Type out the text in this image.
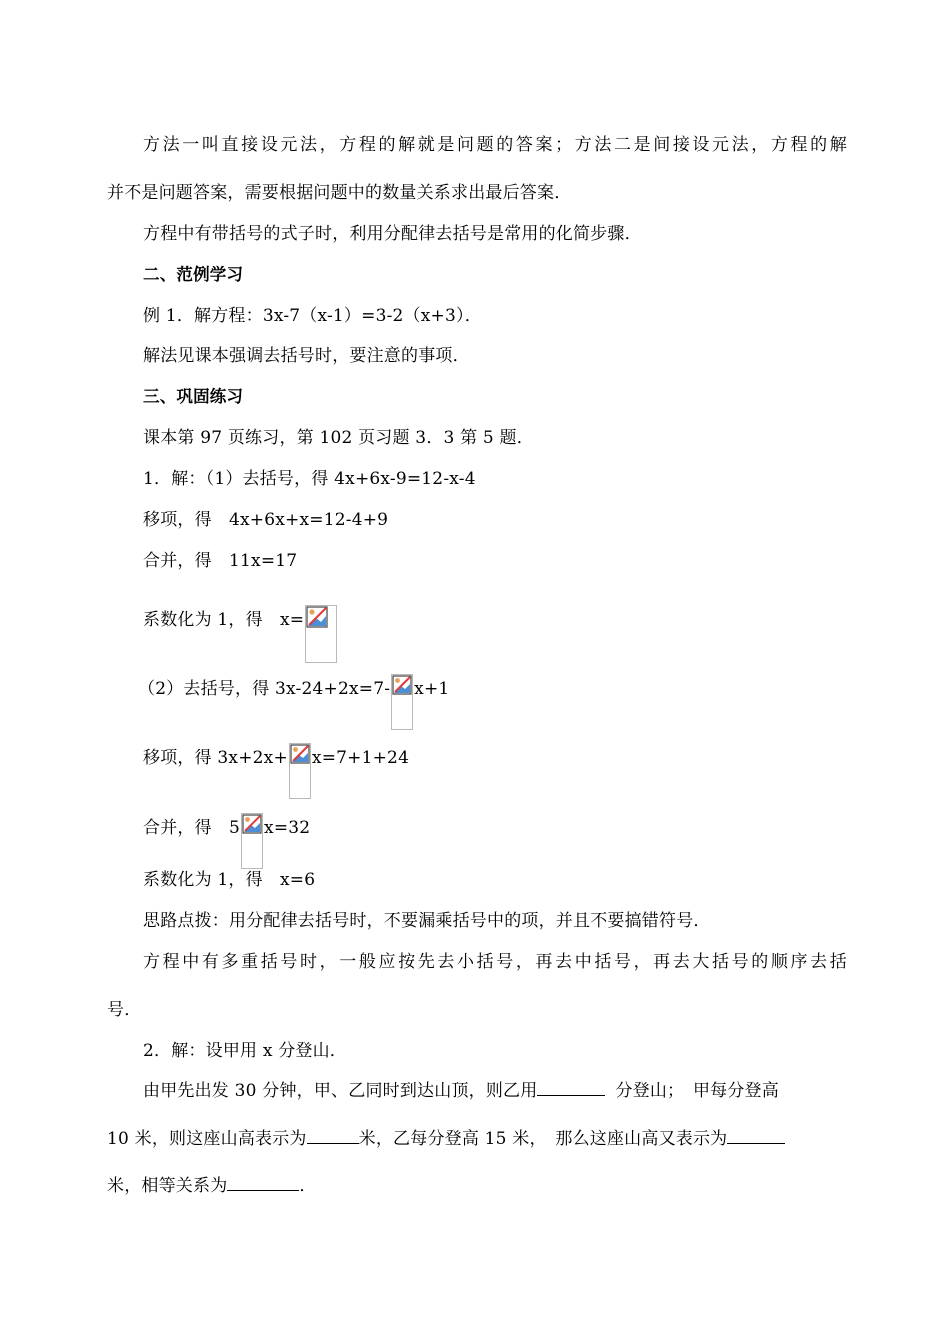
方法一叫直接设元法，方程的解就是问题的答案；方法二是间接设元法，方程的解
并不是问题答案，需要根据问题中的数量关系求出最后答案．
方程中有带括号的式子时，利用分配律去括号是常用的化简步骤．
二、范例学习
例 1．解方程：3x-7（x-1）=3-2（x+3）．
解法见课本强调去括号时，要注意的事项．
三、巩固练习
课本第 97 页练习，第 102 页习题 3．3 第 5 题．
1．解：（1）去括号，得 4x+6x-9=12-x-4
移项，得　4x+6x+x=12-4+9
合并，得　11x=17
系数化为 1，得　x=
（2）去括号，得 3x-24+2x=7- x+1
移项，得 3x+2x+ x=7+1+24
合并，得　5 x=32
系数化为 1，得　x=6
思路点拨：用分配律去括号时，不要漏乘括号中的项，并且不要搞错符号．
方程中有多重括号时，一般应按先去小括号，再去中括号，再去大括号的顺序去括
号．
2．解：设甲用 x 分登山．
由甲先出发 30 分钟，甲、乙同时到达山顶，则乙用	分登山；　甲每分登高
10 米，则这座山高表示为	米，乙每分登高 15 米，　那么这座山高又表示为
米，相等关系为	．
